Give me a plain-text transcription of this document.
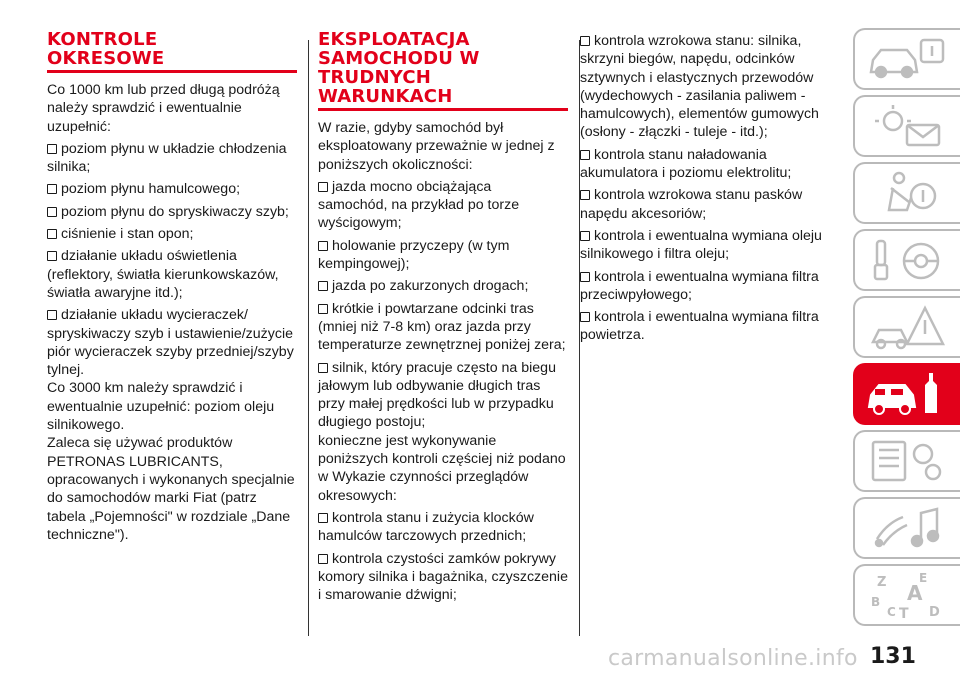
KONTROLE
OKRESOWE
Co 1000 km lub przed długą podróżą
należy sprawdzić i ewentualnie
uzupełnić:
poziom płynu w układzie chłodzenia
silnika;
poziom płynu hamulcowego;
poziom płynu do spryskiwaczy szyb;
ciśnienie i stan opon;
działanie układu oświetlenia
(reflektory, światła kierunkowskazów,
światła awaryjne itd.);
działanie układu wycieraczek/
spryskiwaczy szyb i ustawienie/zużycie
piór wycieraczek szyby przedniej/szyby
tylnej.
Co 3000 km należy sprawdzić i
ewentualnie uzupełnić: poziom oleju
silnikowego.
Zaleca się używać produktów
PETRONAS LUBRICANTS,
opracowanych i wykonanych specjalnie
do samochodów marki Fiat (patrz
tabela „Pojemności" w rozdziale „Dane
techniczne").
EKSPLOATACJA
SAMOCHODU W
TRUDNYCH
WARUNKACH
W razie, gdyby samochód był
eksploatowany przeważnie w jednej z
poniższych okoliczności:
jazda mocno obciążająca
samochód, na przykład po torze
wyścigowym;
holowanie przyczepy (w tym
kempingowej);
jazda po zakurzonych drogach;
krótkie i powtarzane odcinki tras
(mniej niż 7-8 km) oraz jazda przy
temperaturze zewnętrznej poniżej zera;
silnik, który pracuje często na biegu
jałowym lub odbywanie długich tras
przy małej prędkości lub w przypadku
długiego postoju;
konieczne jest wykonywanie
poniższych kontroli częściej niż podano
w Wykazie czynności przeglądów
okresowych:
kontrola stanu i zużycia klocków
hamulców tarczowych przednich;
kontrola czystości zamków pokrywy
komory silnika i bagażnika, czyszczenie
i smarowanie dźwigni;
kontrola wzrokowa stanu: silnika,
skrzyni biegów, napędu, odcinków
sztywnych i elastycznych przewodów
(wydechowych - zasilania paliwem -
hamulcowych), elementów gumowych
(osłony - złączki - tuleje - itd.);
kontrola stanu naładowania
akumulatora i poziomu elektrolitu;
kontrola wzrokowa stanu pasków
napędu akcesoriów;
kontrola i ewentualna wymiana oleju
silnikowego i filtra oleju;
kontrola i ewentualna wymiana filtra
przeciwpyłowego;
kontrola i ewentualna wymiana filtra
powietrza.
Z	E
B A
C T D
carmanualsonline.info 131
